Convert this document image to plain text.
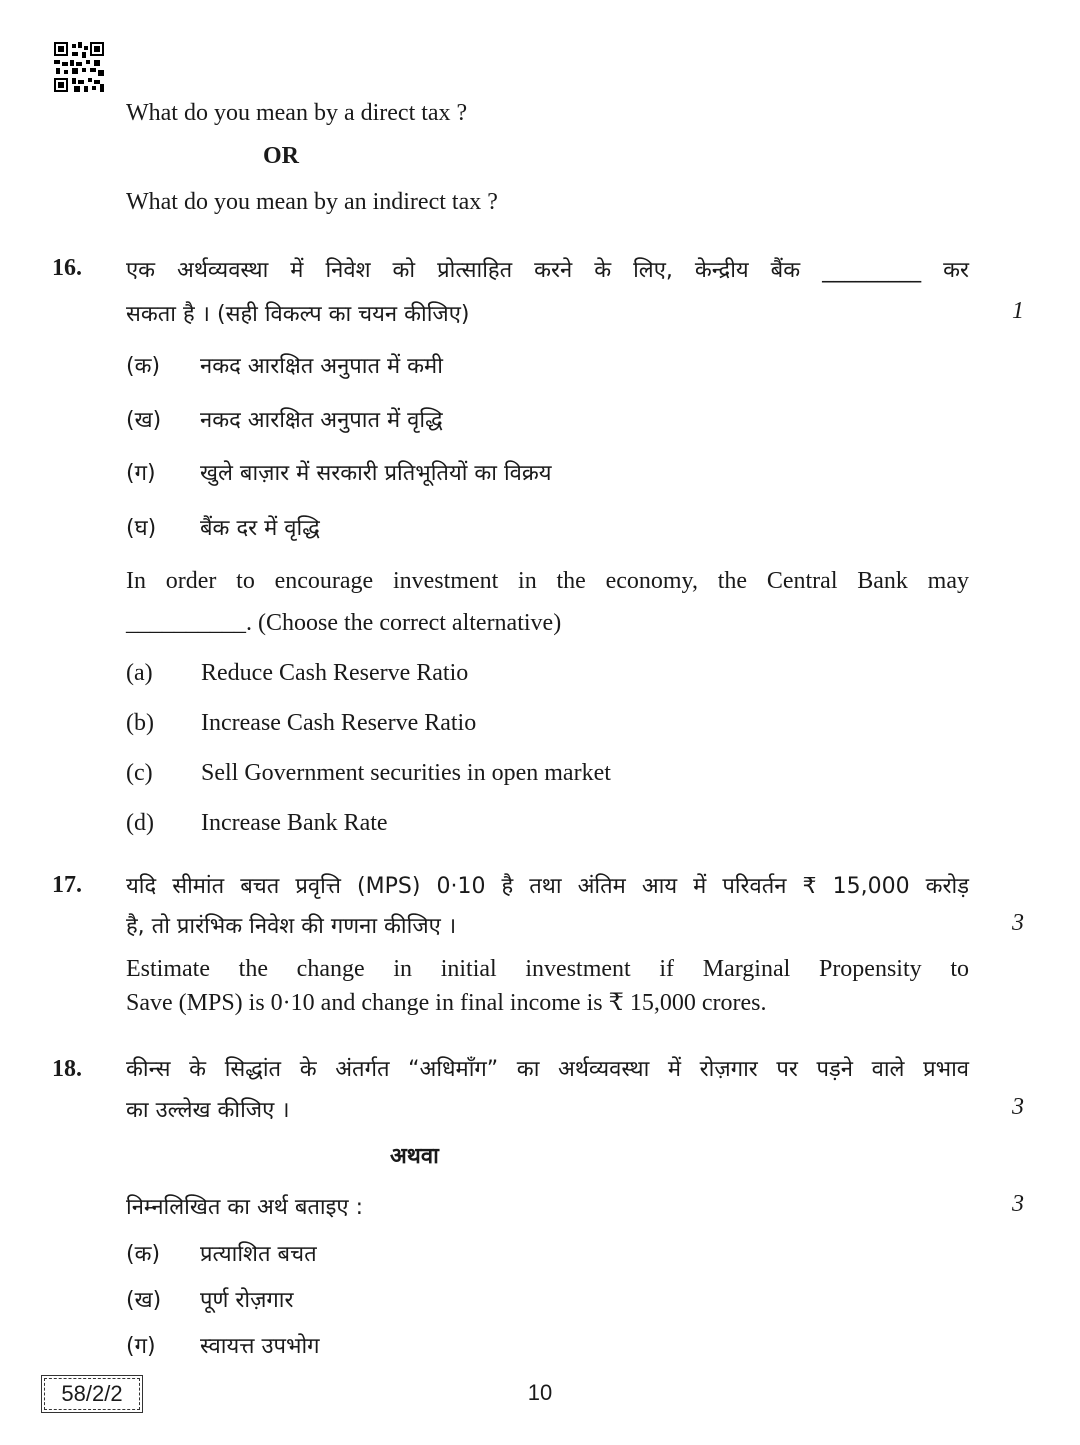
What do you mean by a direct tax ?
OR
What do you mean by an indirect tax ?
16. एक अर्थव्यवस्था में निवेश को प्रोत्साहित करने के लिए, केन्द्रीय बैंक _________ कर
सकता है । (सही विकल्प का चयन कीजिए)	1
(क) नकद आरक्षित अनुपात में कमी
(ख) नकद आरक्षित अनुपात में वृद्धि
(ग) खुले बाज़ार में सरकारी प्रतिभूतियों का विक्रय
(घ) बैंक दर में वृद्धि
In order to encourage investment in the economy, the Central Bank may
__________. (Choose the correct alternative)
(a) Reduce Cash Reserve Ratio
(b) Increase Cash Reserve Ratio
(c) Sell Government securities in open market
(d) Increase Bank Rate
17. यदि सीमांत बचत प्रवृत्ति (MPS) 0·10 है तथा अंतिम आय में परिवर्तन ₹ 15,000 करोड़
है, तो प्रारंभिक निवेश की गणना कीजिए ।	3
Estimate the change in initial investment if Marginal Propensity to
Save (MPS) is 0·10 and change in final income is ₹ 15,000 crores.
18. कीन्स के सिद्धांत के अंतर्गत “अधिमाँग” का अर्थव्यवस्था में रोज़गार पर पड़ने वाले प्रभाव
का उल्लेख कीजिए ।	3
अथवा
निम्नलिखित का अर्थ बताइए :	3
(क) प्रत्याशित बचत
(ख) पूर्ण रोज़गार
(ग) स्वायत्त उपभोग
58/2/2	10
